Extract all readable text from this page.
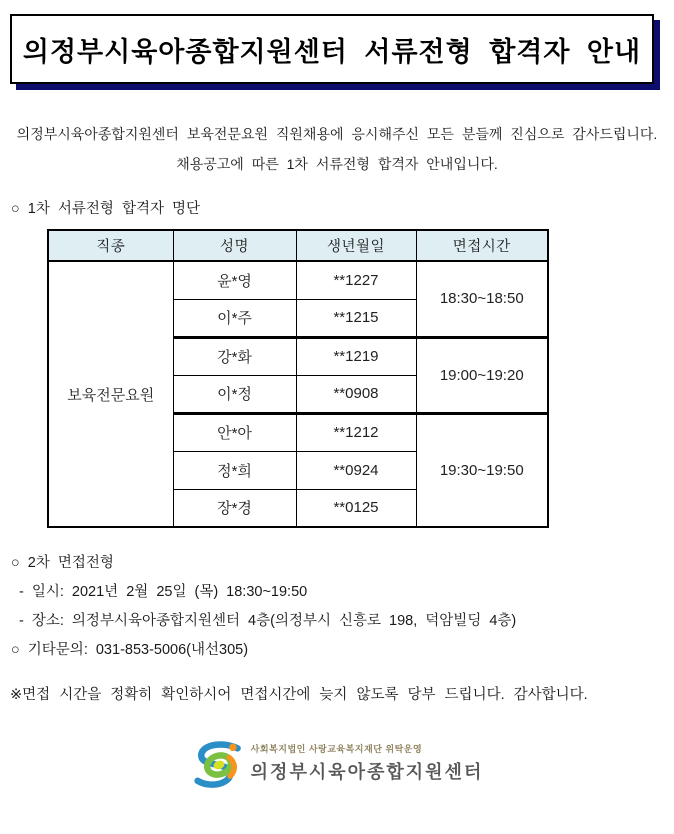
의정부시육아종합지원센터 서류전형 합격자 안내
의정부시육아종합지원센터 보육전문요원 직원채용에 응시해주신 모든 분들께 진심으로 감사드립니다.
채용공고에 따른 1차 서류전형 합격자 안내입니다.
○ 1차 서류전형 합격자 명단
직종	성명	생년월일	면접시간
보육전문요원	윤*영	**1227	18:30~18:50
	이*주	**1215	
	강*화	**1219	19:00~19:20
	이*정	**0908	
	안*아	**1212	19:30~19:50
	정*희	**0924	
	장*경	**0125	
○ 2차 면접전형
- 일시: 2021년 2월 25일 (목) 18:30~19:50
- 장소: 의정부시육아종합지원센터 4층(의정부시 신흥로 198, 덕암빌딩 4층)
○ 기타문의: 031-853-5006(내선305)
※면접 시간을 정확히 확인하시어 면접시간에 늦지 않도록 당부 드립니다. 감사합니다.
사회복지법인 사랑교육복지재단 위탁운영
의정부시육아종합지원센터
